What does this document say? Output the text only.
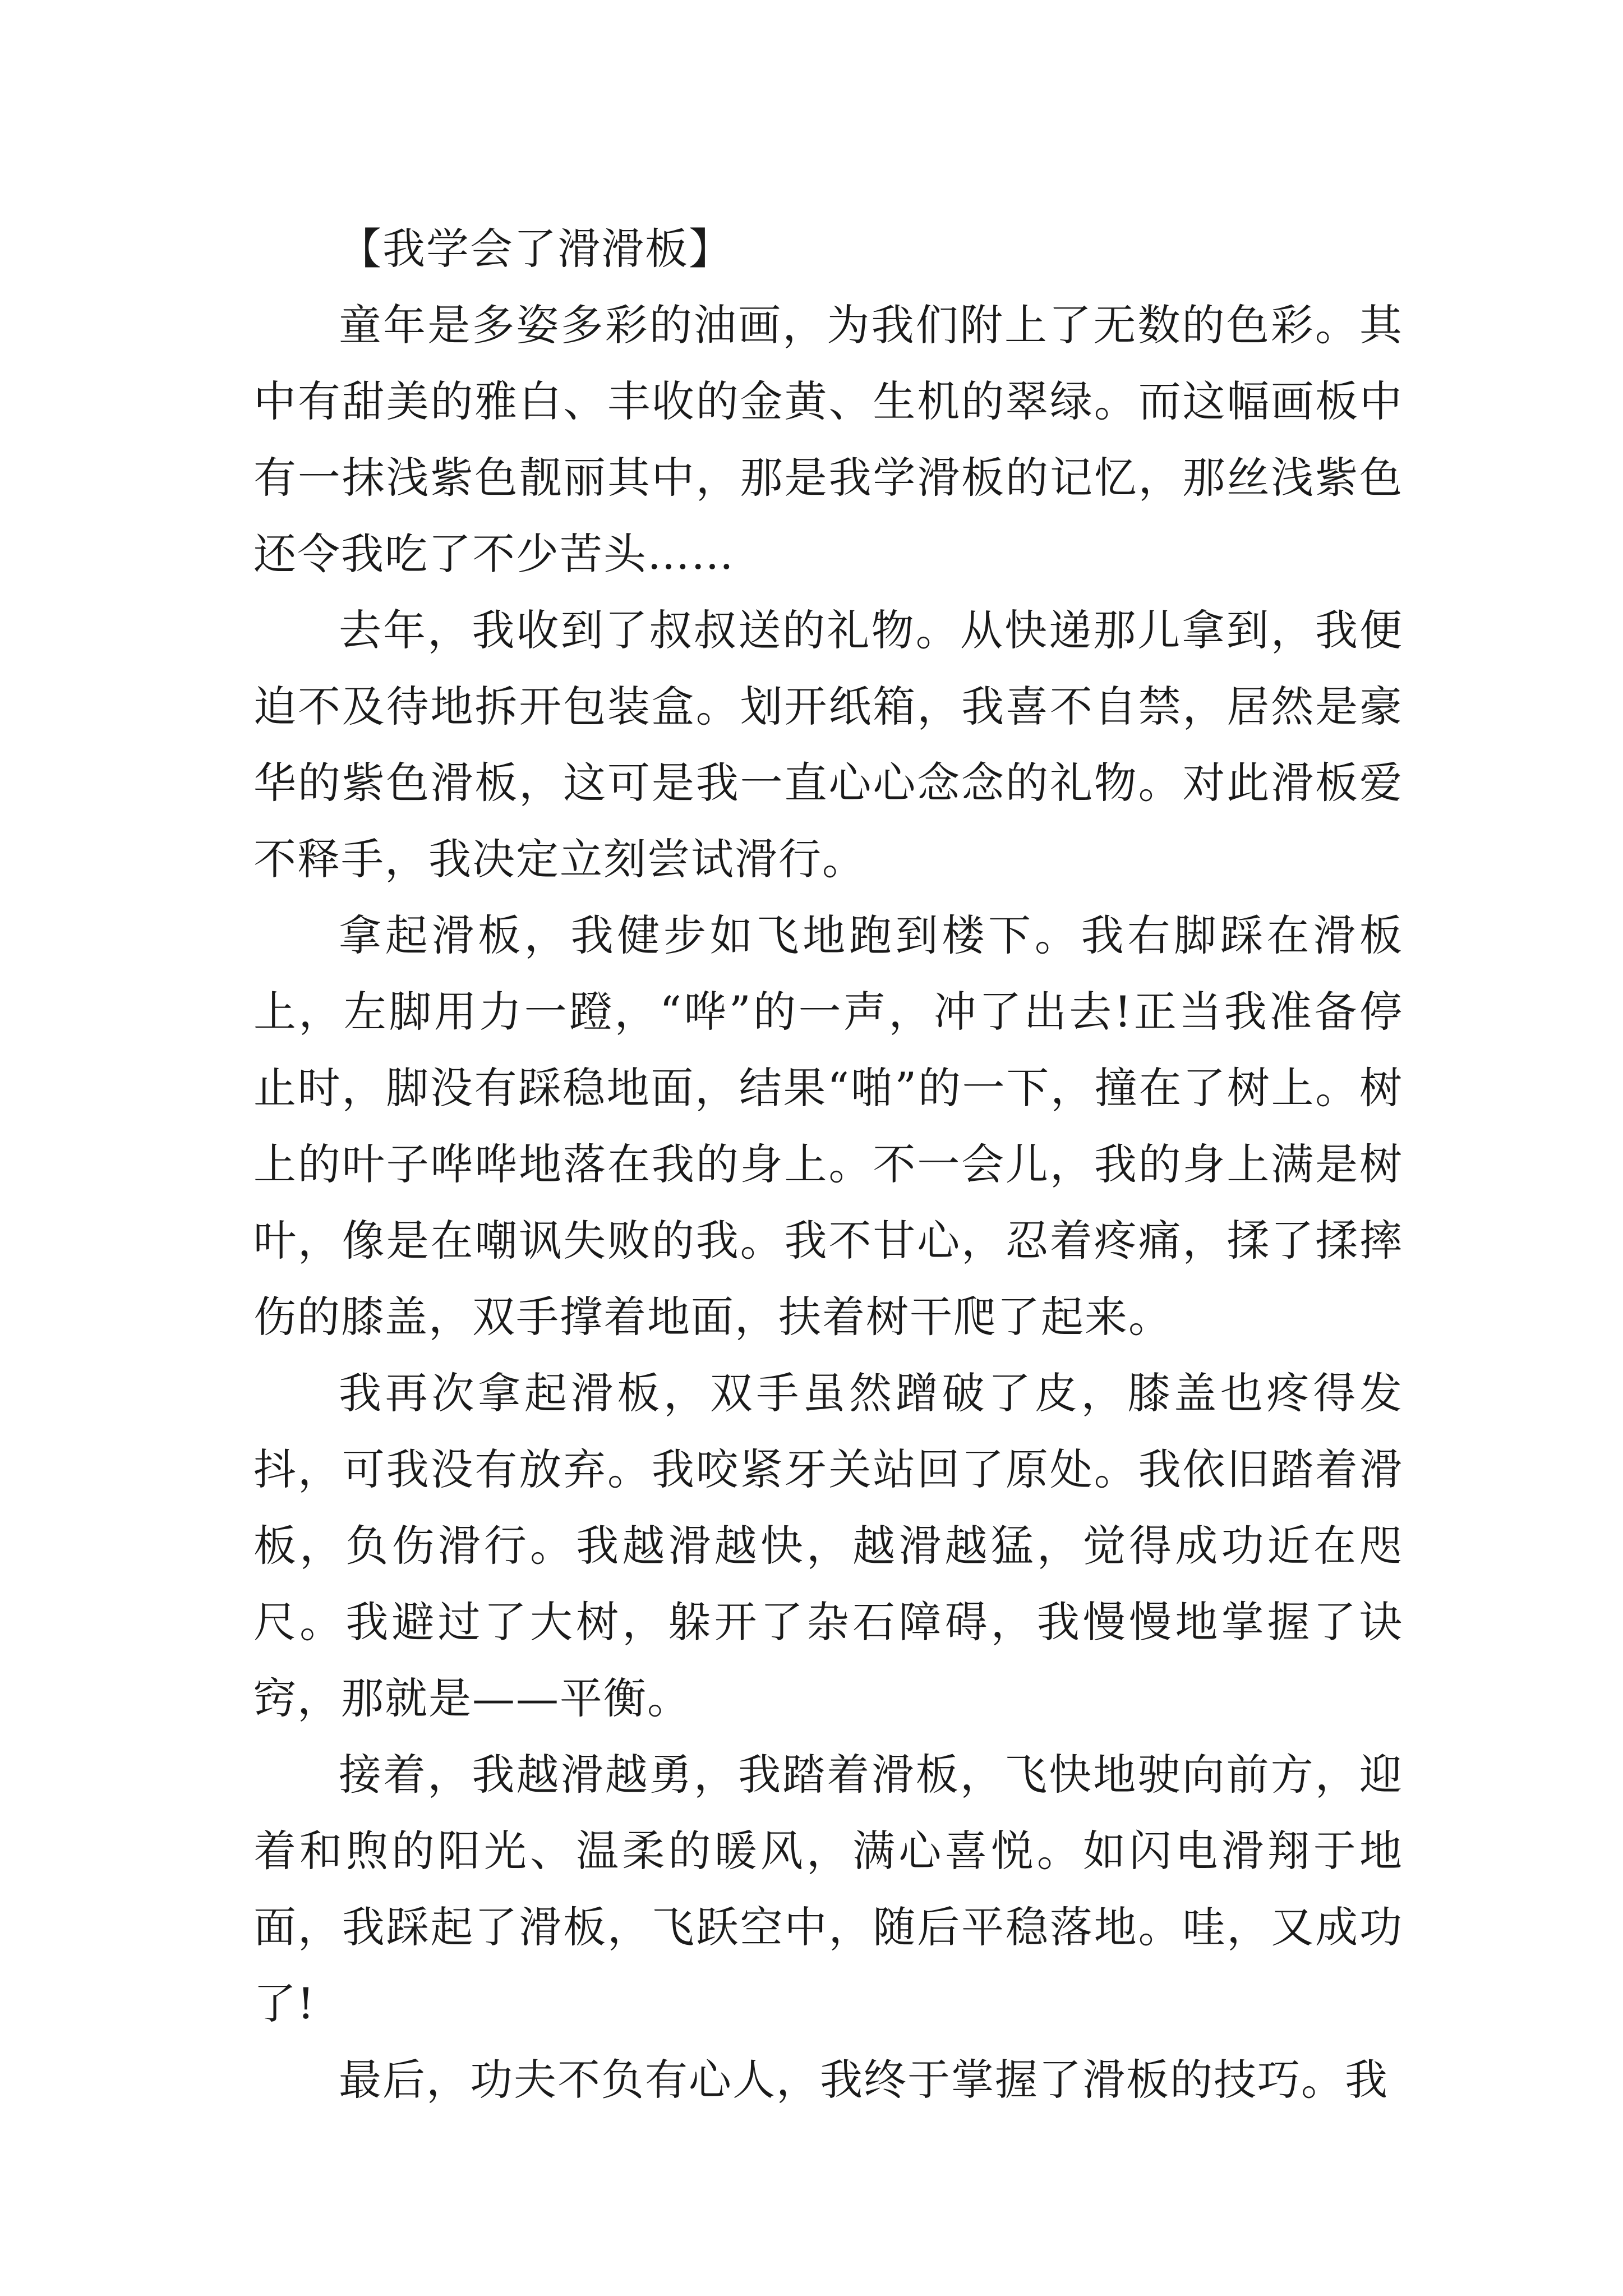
【我学会了滑滑板】

童年是多姿多彩的油画，为我们附上了无数的色彩。其中有甜美的雅白、丰收的金黄、生机的翠绿。而这幅画板中有一抹浅紫色靓丽其中，那是我学滑板的记忆，那丝浅紫色还令我吃了不少苦头……

去年，我收到了叔叔送的礼物。从快递那儿拿到，我便迫不及待地拆开包装盒。划开纸箱，我喜不自禁，居然是豪华的紫色滑板，这可是我一直心心念念的礼物。对此滑板爱不释手，我决定立刻尝试滑行。

拿起滑板，我健步如飞地跑到楼下。我右脚踩在滑板上，左脚用力一蹬，“哗”的一声，冲了出去!正当我准备停止时，脚没有踩稳地面，结果“啪”的一下，撞在了树上。树上的叶子哗哗地落在我的身上。不一会儿，我的身上满是树叶，像是在嘲讽失败的我。我不甘心，忍着疼痛，揉了揉摔伤的膝盖，双手撑着地面，扶着树干爬了起来。

我再次拿起滑板，双手虽然蹭破了皮，膝盖也疼得发抖，可我没有放弃。我咬紧牙关站回了原处。我依旧踏着滑板，负伤滑行。我越滑越快，越滑越猛，觉得成功近在咫尺。我避过了大树，躲开了杂石障碍，我慢慢地掌握了诀窍，那就是——平衡。

接着，我越滑越勇，我踏着滑板，飞快地驶向前方，迎着和煦的阳光、温柔的暖风，满心喜悦。如闪电滑翔于地面，我踩起了滑板，飞跃空中，随后平稳落地。哇，又成功了!

最后，功夫不负有心人，我终于掌握了滑板的技巧。我
